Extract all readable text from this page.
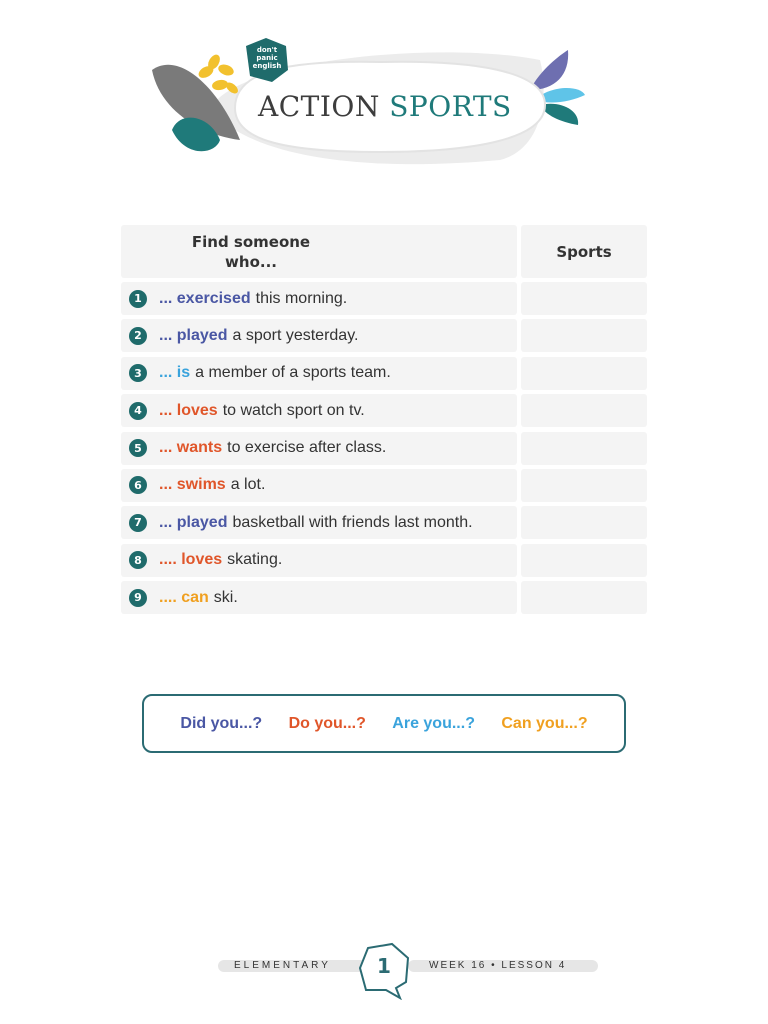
don't
panic
english
ACTION SPORTS
Find someone who...
Sports
1	... exercised this morning.
2	... played a sport yesterday.
3	... is a member of a sports team.
4	... loves to watch sport on tv.
5	... wants to exercise after class.
6	... swims a lot.
7	... played basketball with friends last month.
8	.... loves skating.
9	.... can ski.
Did you...? Do you...? Are you...? Can you...?
ELEMENTARY	1	WEEK 16 • LESSON 4
